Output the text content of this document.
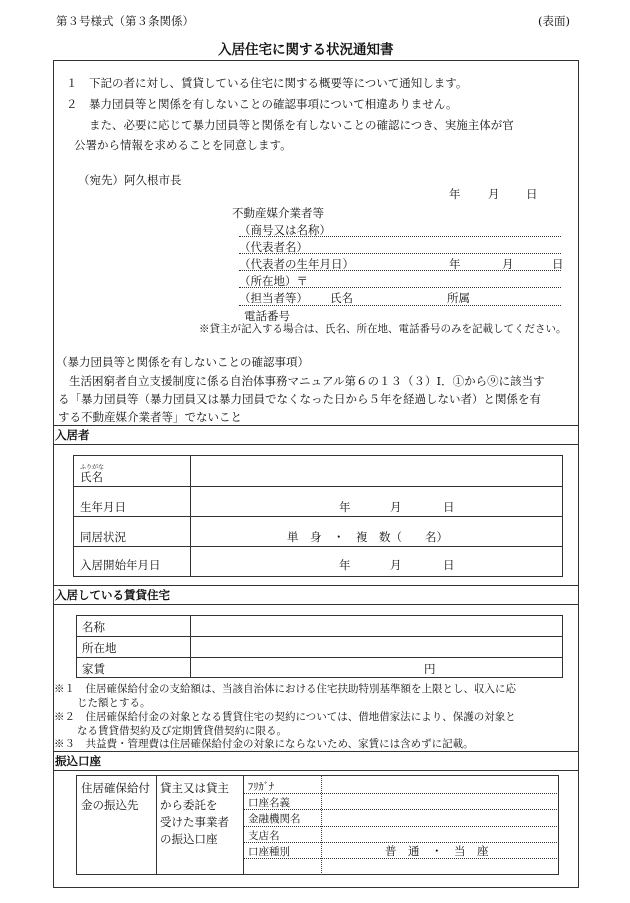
第３号様式（第３条関係）	(表面)
入居住宅に関する状況通知書
１　下記の者に対し、賃貸している住宅に関する概要等について通知します。
２　暴力団員等と関係を有しないことの確認事項について相違ありません。
また、必要に応じて暴力団員等と関係を有しないことの確認につき、実施主体が官
公署から情報を求めることを同意します。
（宛先）阿久根市長
年 月 日
不動産媒介業者等
（商号又は名称）
（代表者名）
（代表者の生年月日）	年	月	日
（所在地）〒
（担当者等） 氏名	所属
電話番号
※貸主が記入する場合は、氏名、所在地、電話番号のみを記載してください。
（暴力団員等と関係を有しないことの確認事項）
生活困窮者自立支援制度に係る自治体事務マニュアル第６の１３（３）Ⅰ．①から⑨に該当す
る「暴力団員等（暴力団員又は暴力団員でなくなった日から５年を経過しない者）と関係を有
する不動産媒介業者等」でないこと
入居者
ふりがな
氏名
生年月日	年	月	日
同居状況	単　身　・　複　数（　　名）
入居開始年月日	年	月	日
入居している賃貸住宅
名称
所在地
家賃	円
※１　住居確保給付金の支給額は、当該自治体における住宅扶助特別基準額を上限とし、収入に応
じた額とする。
※２　住居確保給付金の対象となる賃貸住宅の契約については、借地借家法により、保護の対象と
なる賃貸借契約及び定期賃貸借契約に限る。
※３　共益費・管理費は住居確保給付金の対象にならないため、家賃には含めずに記載。
振込口座
住居確保給付
金の振込先
貸主又は貸主
から委託を
受けた事業者
の振込口座
ﾌﾘｶﾞﾅ
口座名義
金融機関名
支店名
口座種別	普　通　・　当　座
